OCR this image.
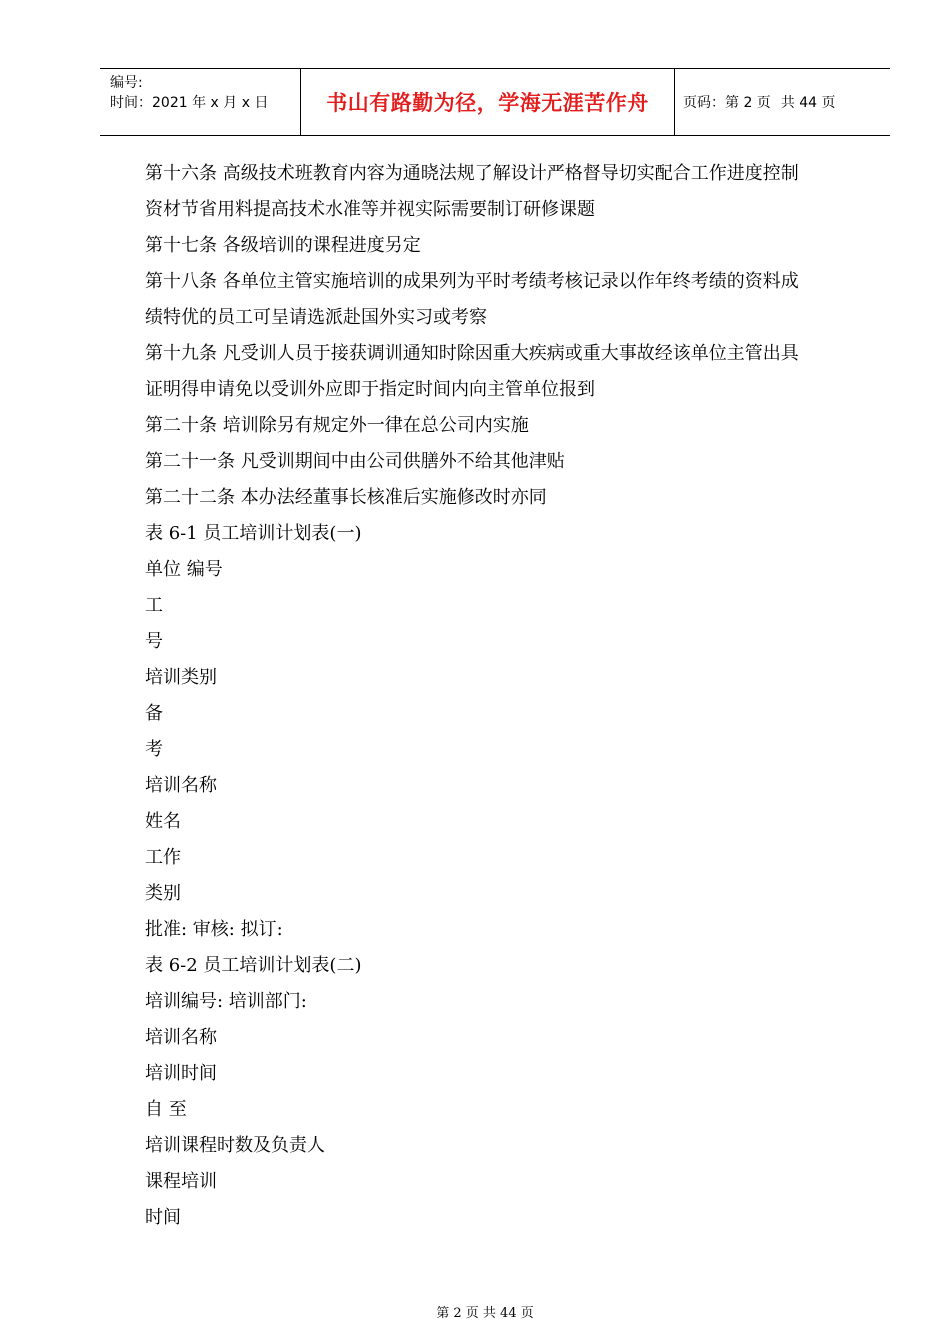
编号:
时间：2021 年 x 月 x 日	书山有路勤为径，学海无涯苦作舟	页码：第 2 页 共 44 页
第十六条 高级技术班教育内容为通晓法规了解设计严格督导切实配合工作进度控制
资材节省用料提高技术水准等并视实际需要制订研修课题
第十七条 各级培训的课程进度另定
第十八条 各单位主管实施培训的成果列为平时考绩考核记录以作年终考绩的资料成
绩特优的员工可呈请选派赴国外实习或考察
第十九条 凡受训人员于接获调训通知时除因重大疾病或重大事故经该单位主管出具
证明得申请免以受训外应即于指定时间内向主管单位报到
第二十条 培训除另有规定外一律在总公司内实施
第二十一条 凡受训期间中由公司供膳外不给其他津贴
第二十二条 本办法经董事长核准后实施修改时亦同
表 6-1 员工培训计划表(一)
单位 编号
工
号
培训类别
备
考
培训名称
姓名
工作
类别
批准: 审核: 拟订:
表 6-2 员工培训计划表(二)
培训编号: 培训部门:
培训名称
培训时间
自 至
培训课程时数及负责人
课程培训
时间
第 2 页 共 44 页
